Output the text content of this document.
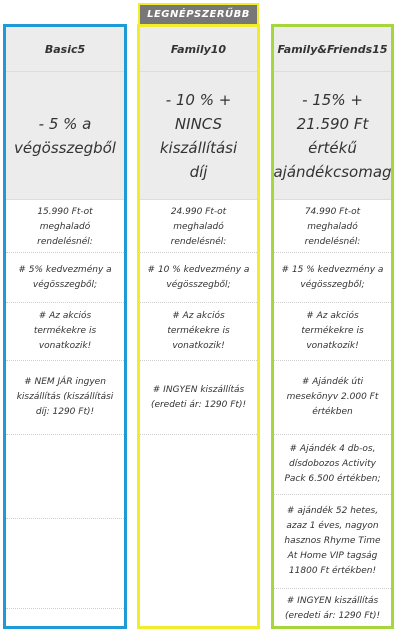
LEGNÉPSZERŰBB
Basic5
- 5 % a végösszegből
15.990 Ft-ot meghaladó rendelésnél:
# 5% kedvezmény a végösszegből;
# Az akciós termékekre is vonatkozik!
# NEM JÁR ingyen kiszállítás (kiszállítási díj: 1290 Ft)!
Family10
- 10 % + NINCS kiszállítási díj
24.990 Ft-ot meghaladó rendelésnél:
# 10 % kedvezmény a végösszegből;
# Az akciós termékekre is vonatkozik!
# INGYEN kiszállítás (eredeti ár: 1290 Ft)!
Family&Friends15
- 15% + 21.590 Ft értékű ajándékcsomag
74.990 Ft-ot meghaladó rendelésnél:
# 15 % kedvezmény a végösszegből;
# Az akciós termékekre is vonatkozik!
# Ajándék úti mesekönyv 2.000 Ft értékben
# Ajándék 4 db-os, dísdobozos Activity Pack 6.500 értékben;
# ajándék 52 hetes, azaz 1 éves, nagyon hasznos Rhyme Time At Home VIP tagság 11800 Ft értékben!
# INGYEN kiszállítás (eredeti ár: 1290 Ft)!
